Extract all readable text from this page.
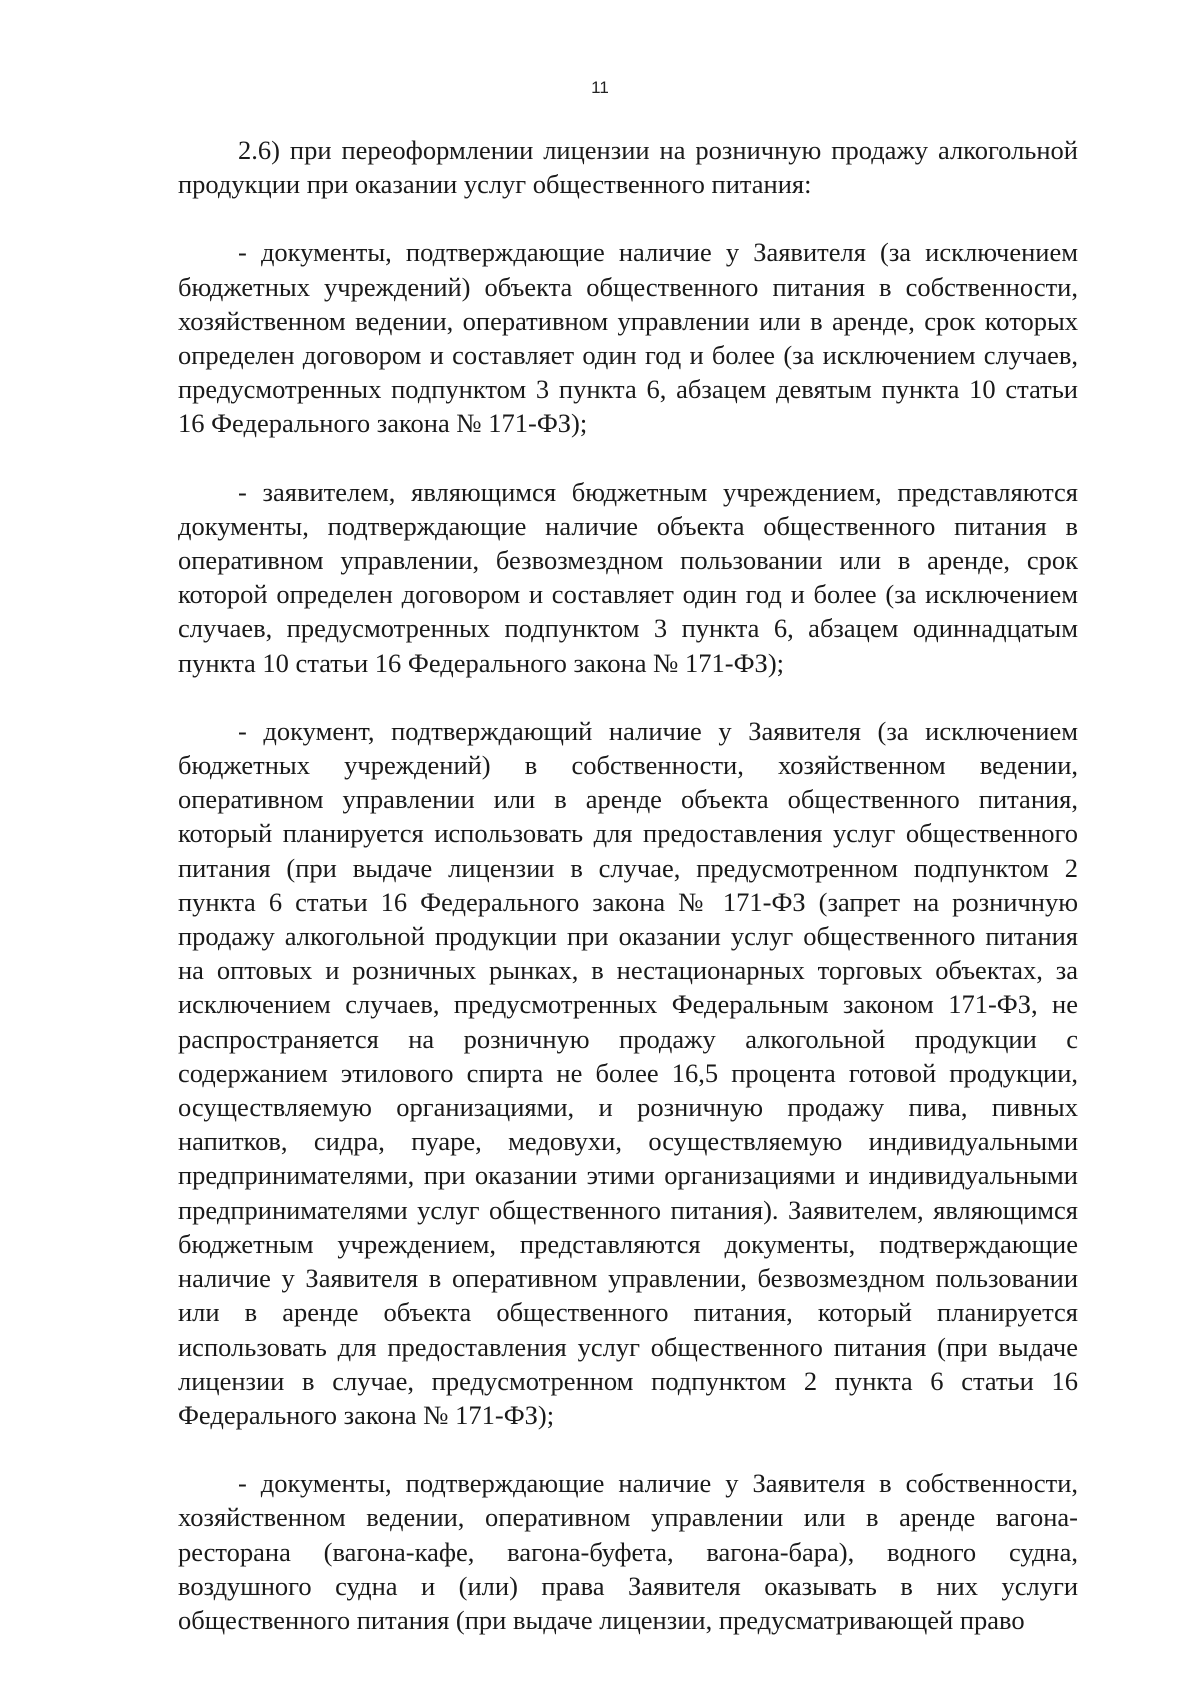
11

2.6) при переоформлении лицензии на розничную продажу алкогольной продукции при оказании услуг общественного питания:

- документы, подтверждающие наличие у Заявителя (за исключением бюджетных учреждений) объекта общественного питания в собственности, хозяйственном ведении, оперативном управлении или в аренде, срок которых определен договором и составляет один год и более (за исключением случаев, предусмотренных подпунктом 3 пункта 6, абзацем девятым пункта 10 статьи 16 Федерального закона № 171-ФЗ);

- заявителем, являющимся бюджетным учреждением, представляются документы, подтверждающие наличие объекта общественного питания в оперативном управлении, безвозмездном пользовании или в аренде, срок которой определен договором и составляет один год и более (за исключением случаев, предусмотренных подпунктом 3 пункта 6, абзацем одиннадцатым пункта 10 статьи 16 Федерального закона № 171-ФЗ);

- документ, подтверждающий наличие у Заявителя (за исключением бюджетных учреждений) в собственности, хозяйственном ведении, оперативном управлении или в аренде объекта общественного питания, который планируется использовать для предоставления услуг общественного питания (при выдаче лицензии в случае, предусмотренном подпунктом 2 пункта 6 статьи 16 Федерального закона № 171-ФЗ (запрет на розничную продажу алкогольной продукции при оказании услуг общественного питания на оптовых и розничных рынках, в нестационарных торговых объектах, за исключением случаев, предусмотренных Федеральным законом 171-ФЗ, не распространяется на розничную продажу алкогольной продукции с содержанием этилового спирта не более 16,5 процента готовой продукции, осуществляемую организациями, и розничную продажу пива, пивных напитков, сидра, пуаре, медовухи, осуществляемую индивидуальными предпринимателями, при оказании этими организациями и индивидуальными предпринимателями услуг общественного питания). Заявителем, являющимся бюджетным учреждением, представляются документы, подтверждающие наличие у Заявителя в оперативном управлении, безвозмездном пользовании или в аренде объекта общественного питания, который планируется использовать для предоставления услуг общественного питания (при выдаче лицензии в случае, предусмотренном подпунктом 2 пункта 6 статьи 16 Федерального закона № 171-ФЗ);

- документы, подтверждающие наличие у Заявителя в собственности, хозяйственном ведении, оперативном управлении или в аренде вагона-ресторана (вагона-кафе, вагона-буфета, вагона-бара), водного судна, воздушного судна и (или) права Заявителя оказывать в них услуги общественного питания (при выдаче лицензии, предусматривающей право
